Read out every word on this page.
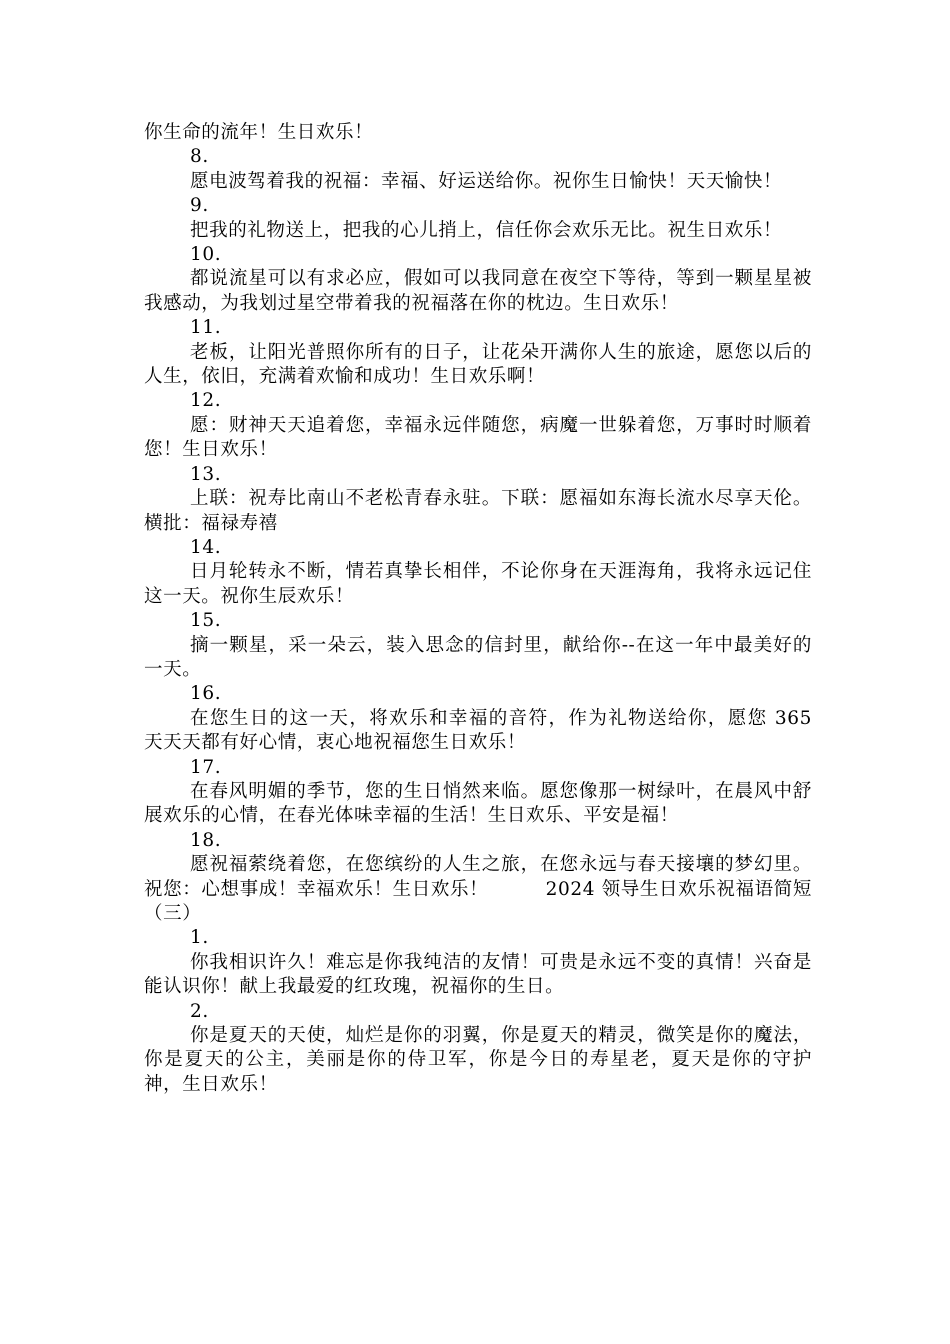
你生命的流年！生日欢乐！

8.

愿电波驾着我的祝福：幸福、好运送给你。祝你生日愉快！天天愉快！

9.

把我的礼物送上，把我的心儿捎上，信任你会欢乐无比。祝生日欢乐！

10.

都说流星可以有求必应，假如可以我同意在夜空下等待，等到一颗星星被我感动，为我划过星空带着我的祝福落在你的枕边。生日欢乐！

11.

老板，让阳光普照你所有的日子，让花朵开满你人生的旅途，愿您以后的人生，依旧，充满着欢愉和成功！生日欢乐啊！

12.

愿：财神天天追着您，幸福永远伴随您，病魔一世躲着您，万事时时顺着您！生日欢乐！

13.

上联：祝寿比南山不老松青春永驻。下联：愿福如东海长流水尽享天伦。横批：福禄寿禧

14.

日月轮转永不断，情若真挚长相伴，不论你身在天涯海角，我将永远记住这一天。祝你生辰欢乐！

15.

摘一颗星，采一朵云，装入思念的信封里，献给你--在这一年中最美好的一天。

16.

在您生日的这一天，将欢乐和幸福的音符，作为礼物送给你，愿您 365 天天天都有好心情，衷心地祝福您生日欢乐！

17.

在春风明媚的季节，您的生日悄然来临。愿您像那一树绿叶，在晨风中舒展欢乐的心情，在春光体味幸福的生活！生日欢乐、平安是福！

18.

愿祝福萦绕着您，在您缤纷的人生之旅，在您永远与春天接壤的梦幻里。祝您：心想事成！幸福欢乐！生日欢乐！　　　2024 领导生日欢乐祝福语简短（三）

1.

你我相识许久！难忘是你我纯洁的友情！可贵是永远不变的真情！兴奋是能认识你！献上我最爱的红玫瑰，祝福你的生日。

2.

你是夏天的天使，灿烂是你的羽翼，你是夏天的精灵，微笑是你的魔法，你是夏天的公主，美丽是你的侍卫军，你是今日的寿星老，夏天是你的守护神，生日欢乐！
